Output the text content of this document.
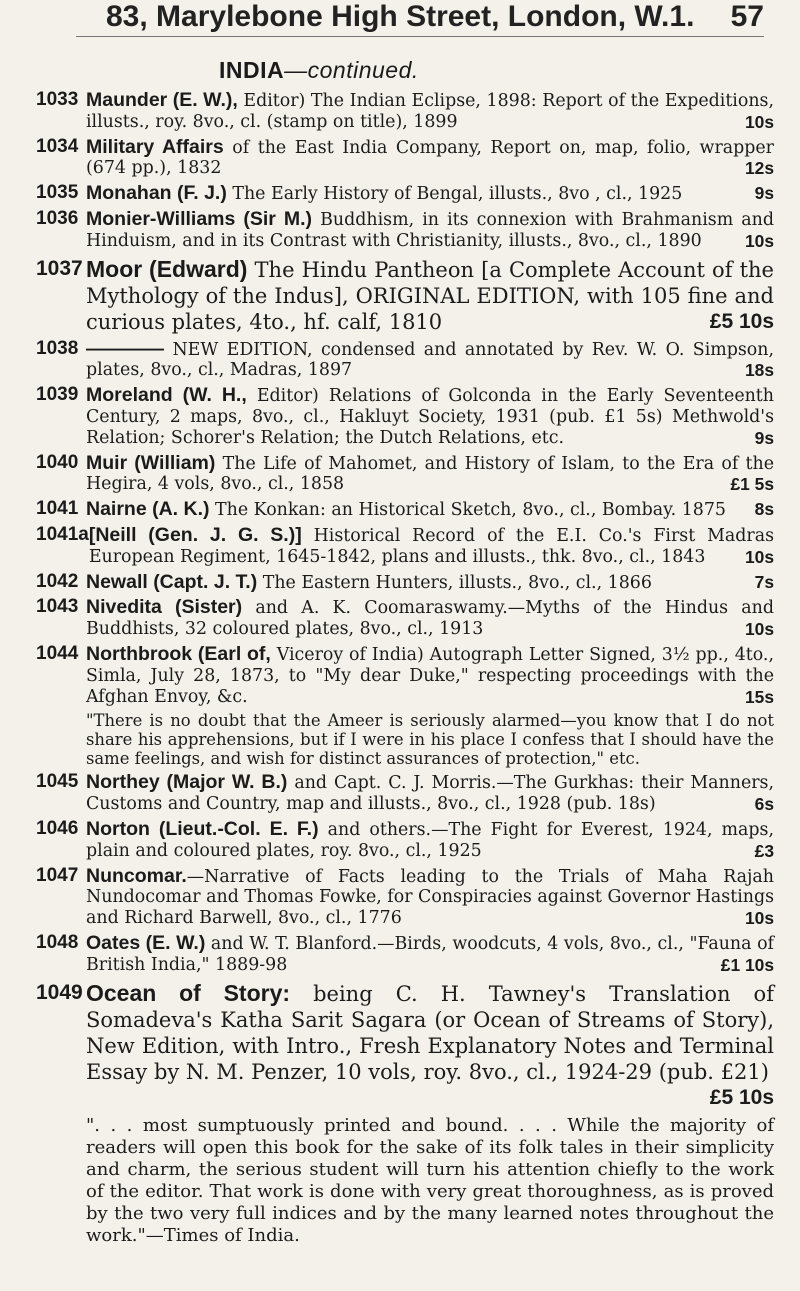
83, Marylebone High Street, London, W.1. 57
INDIA—continued.
1033 Maunder (E. W.), Editor) The Indian Eclipse, 1898: Report of the Expeditions, illusts., roy. 8vo., cl. (stamp on title), 1899	10s
1034 Military Affairs of the East India Company, Report on, map, folio, wrapper (674 pp.), 1832	12s
1035 Monahan (F. J.) The Early History of Bengal, illusts., 8vo , cl., 1925	9s
1036 Monier-Williams (Sir M.) Buddhism, in its connexion with Brahmanism and Hinduism, and in its Contrast with Christianity, illusts., 8vo., cl., 1890 10s
1037 Moor (Edward) The Hindu Pantheon [a Complete Account of the Mythology of the Indus], ORIGINAL EDITION, with 105 fine and curious plates, 4to., hf. calf, 1810	£5 10s
1038 ———— NEW EDITION, condensed and annotated by Rev. W. O. Simpson, plates, 8vo., cl., Madras, 1897	18s
1039 Moreland (W. H., Editor) Relations of Golconda in the Early Seventeenth Century, 2 maps, 8vo., cl., Hakluyt Society, 1931 (pub. £1 5s) Methwold's Relation; Schorer's Relation; the Dutch Relations, etc.	9s
1040 Muir (William) The Life of Mahomet, and History of Islam, to the Era of the Hegira, 4 vols, 8vo., cl., 1858	£1 5s
1041 Nairne (A. K.) The Konkan: an Historical Sketch, 8vo., cl., Bombay. 1875 8s
1041a [Neill (Gen. J. G. S.)] Historical Record of the E.I. Co.'s First Madras European Regiment, 1645-1842, plans and illusts., thk. 8vo., cl., 1843 10s
1042 Newall (Capt. J. T.) The Eastern Hunters, illusts., 8vo., cl., 1866	7s
1043 Nivedita (Sister) and A. K. Coomaraswamy.—Myths of the Hindus and Buddhists, 32 coloured plates, 8vo., cl., 1913	10s
1044 Northbrook (Earl of, Viceroy of India) Autograph Letter Signed, 3½ pp., 4to., Simla, July 28, 1873, to "My dear Duke," respecting proceedings with the Afghan Envoy, &c.	15s
"There is no doubt that the Ameer is seriously alarmed—you know that I do not share his apprehensions, but if I were in his place I confess that I should have the same feelings, and wish for distinct assurances of protection," etc.
1045 Northey (Major W. B.) and Capt. C. J. Morris.—The Gurkhas: their Manners, Customs and Country, map and illusts., 8vo., cl., 1928 (pub. 18s)	6s
1046 Norton (Lieut.-Col. E. F.) and others.—The Fight for Everest, 1924, maps, plain and coloured plates, roy. 8vo., cl., 1925	£3
1047 Nuncomar.—Narrative of Facts leading to the Trials of Maha Rajah Nundocomar and Thomas Fowke, for Conspiracies against Governor Hastings and Richard Barwell, 8vo., cl., 1776	10s
1048 Oates (E. W.) and W. T. Blanford.—Birds, woodcuts, 4 vols, 8vo., cl., "Fauna of British India," 1889-98	£1 10s
1049 Ocean of Story: being C. H. Tawney's Translation of Somadeva's Katha Sarit Sagara (or Ocean of Streams of Story), New Edition, with Intro., Fresh Explanatory Notes and Terminal Essay by N. M. Penzer, 10 vols, roy. 8vo., cl., 1924-29 (pub. £21)
£5 10s
". . . most sumptuously printed and bound. . . . While the majority of readers will open this book for the sake of its folk tales in their simplicity and charm, the serious student will turn his attention chiefly to the work of the editor. That work is done with very great thoroughness, as is proved by the two very full indices and by the many learned notes throughout the work."—Times of India.
